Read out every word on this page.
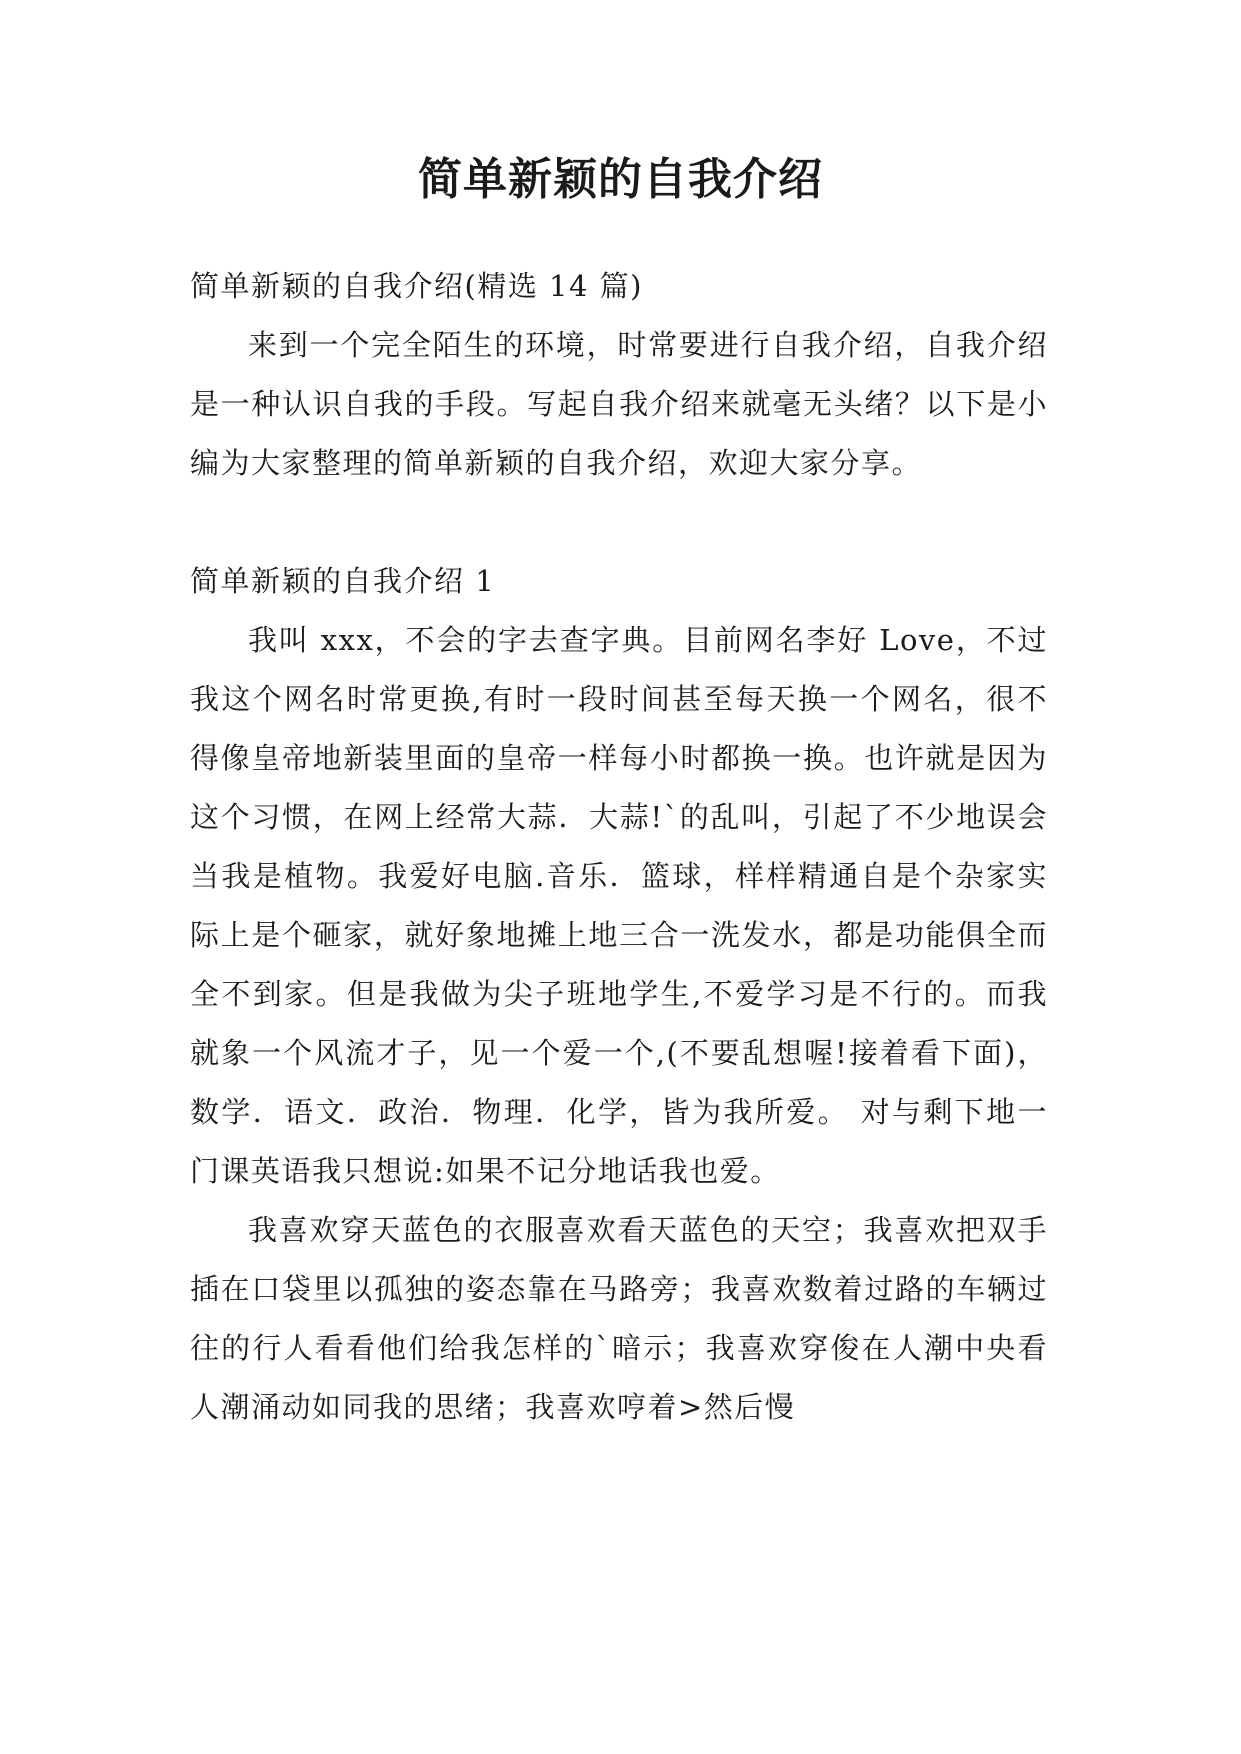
简单新颖的自我介绍

简单新颖的自我介绍(精选 14 篇)

来到一个完全陌生的环境，时常要进行自我介绍，自我介绍是一种认识自我的手段。写起自我介绍来就毫无头绪？以下是小编为大家整理的简单新颖的自我介绍，欢迎大家分享。

简单新颖的自我介绍 1

我叫 xxx，不会的字去查字典。目前网名李好 Love，不过我这个网名时常更换,有时一段时间甚至每天换一个网名，很不得像皇帝地新装里面的皇帝一样每小时都换一换。也许就是因为这个习惯，在网上经常大蒜．大蒜!`的乱叫，引起了不少地误会当我是植物。我爱好电脑.音乐．篮球，样样精通自是个杂家实际上是个砸家，就好象地摊上地三合一洗发水，都是功能俱全而全不到家。但是我做为尖子班地学生,不爱学习是不行的。而我就象一个风流才子，见一个爱一个,(不要乱想喔!接着看下面)，数学．语文．政治．物理．化学，皆为我所爱。 对与剩下地一门课英语我只想说:如果不记分地话我也爱。

我喜欢穿天蓝色的衣服喜欢看天蓝色的天空；我喜欢把双手插在口袋里以孤独的姿态靠在马路旁；我喜欢数着过路的车辆过往的行人看看他们给我怎样的`暗示；我喜欢穿俊在人潮中央看人潮涌动如同我的思绪；我喜欢哼着>然后慢
